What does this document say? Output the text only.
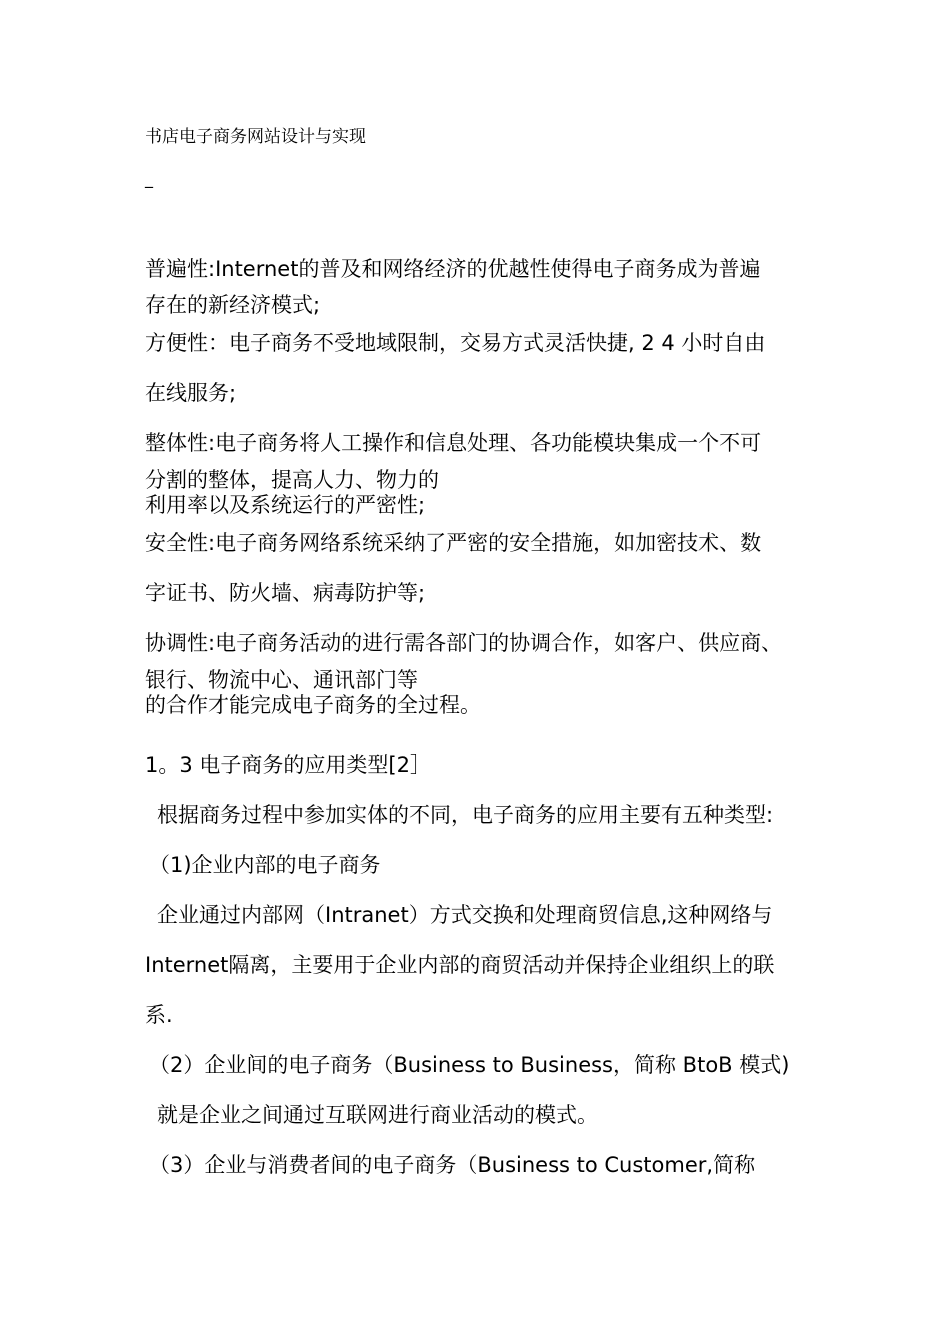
书店电子商务网站设计与实现
_
普遍性:Internet的普及和网络经济的优越性使得电子商务成为普遍
存在的新经济模式;
方便性：电子商务不受地域限制，交易方式灵活快捷, 2 4 小时自由
在线服务;
整体性:电子商务将人工操作和信息处理、各功能模块集成一个不可
分割的整体，提高人力、物力的
利用率以及系统运行的严密性;
安全性:电子商务网络系统采纳了严密的安全措施，如加密技术、数
字证书、防火墙、病毒防护等;
协调性:电子商务活动的进行需各部门的协调合作，如客户、供应商、
银行、物流中心、通讯部门等
的合作才能完成电子商务的全过程。
1。3 电子商务的应用类型[2］
根据商务过程中参加实体的不同，电子商务的应用主要有五种类型:
（1)企业内部的电子商务
企业通过内部网（Intranet）方式交换和处理商贸信息,这种网络与
Internet隔离，主要用于企业内部的商贸活动并保持企业组织上的联
系.
（2）企业间的电子商务（Business to Business，简称 BtoB 模式)
就是企业之间通过互联网进行商业活动的模式。
（3）企业与消费者间的电子商务（Business to Customer,简称
